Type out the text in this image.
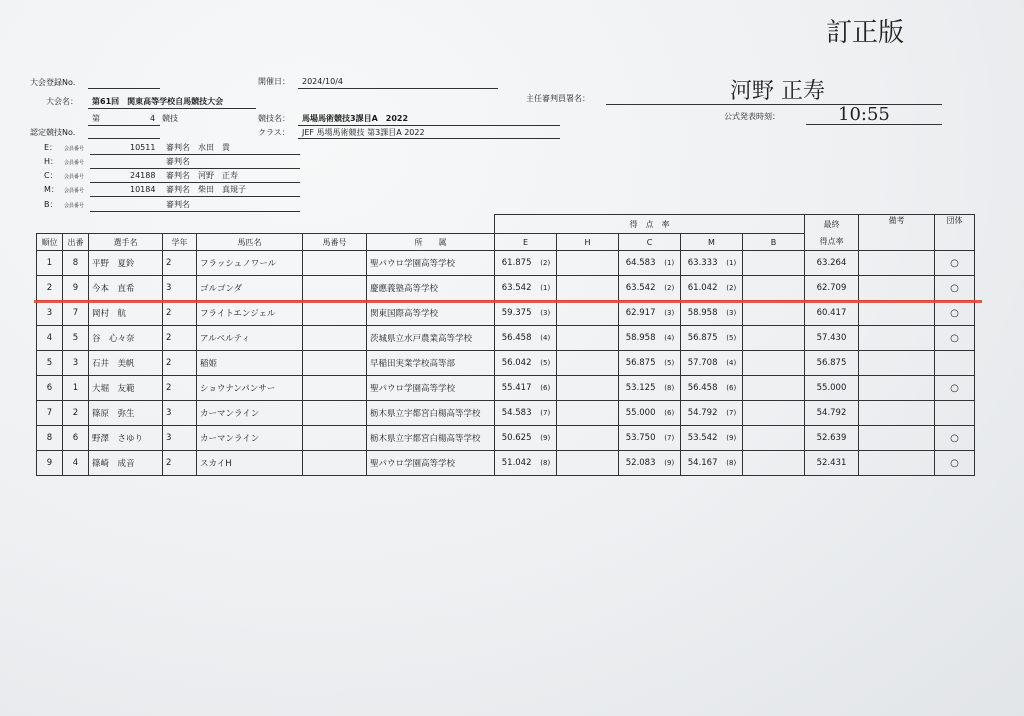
訂正版
大会登録No.	開催日： 2024/10/4
大会名： 第61回　関東高等学校自馬競技大会	主任審判員署名：	河野 正寿
第	4 競技	競技名： 馬場馬術競技3課目A　2022	公式発表時刻：	10:55
クラス： JEF 馬場馬術競技 第3課目A 2022
認定競技No.
E： 会員番号	10511 審判名 水田　貴
H： 会員番号	審判名
C： 会員番号	24188 審判名 河野　正寿
M： 会員番号	10184 審判名 柴田　真規子
B： 会員番号	審判名
							得　点　率										最終	備考	団体
順位	出番	選手名	学年	馬匹名	馬番号	所　　属	E		H		C		M		B		得点率		
1	8	平野　夏鈴	2	フラッシュノワール		聖パウロ学園高等学校	61.875	(2)			64.583	(1)	63.333	(1)			63.264		○
2	9	今本　直希	3	ゴルゴンダ		慶應義塾高等学校	63.542	(1)			63.542	(2)	61.042	(2)			62.709		○
3	7	岡村　航	2	フライトエンジェル		関東国際高等学校	59.375	(3)			62.917	(3)	58.958	(3)			60.417		○
4	5	谷　心々奈	2	アルベルティ		茨城県立水戸農業高等学校	56.458	(4)			58.958	(4)	56.875	(5)			57.430		○
5	3	石井　美帆	2	稲姫		早稲田実業学校高等部	56.042	(5)			56.875	(5)	57.708	(4)			56.875		
6	1	大堀　友範	2	ショウナンパンサー		聖パウロ学園高等学校	55.417	(6)			53.125	(8)	56.458	(6)			55.000		○
7	2	篠原　弥生	3	カーマンライン		栃木県立宇都宮白楊高等学校	54.583	(7)			55.000	(6)	54.792	(7)			54.792		
8	6	野澤　さゆり	3	カーマンライン		栃木県立宇都宮白楊高等学校	50.625	(9)			53.750	(7)	53.542	(9)			52.639		○
9	4	篠崎　成音	2	スカイH		聖パウロ学園高等学校	51.042	(8)			52.083	(9)	54.167	(8)			52.431		○
